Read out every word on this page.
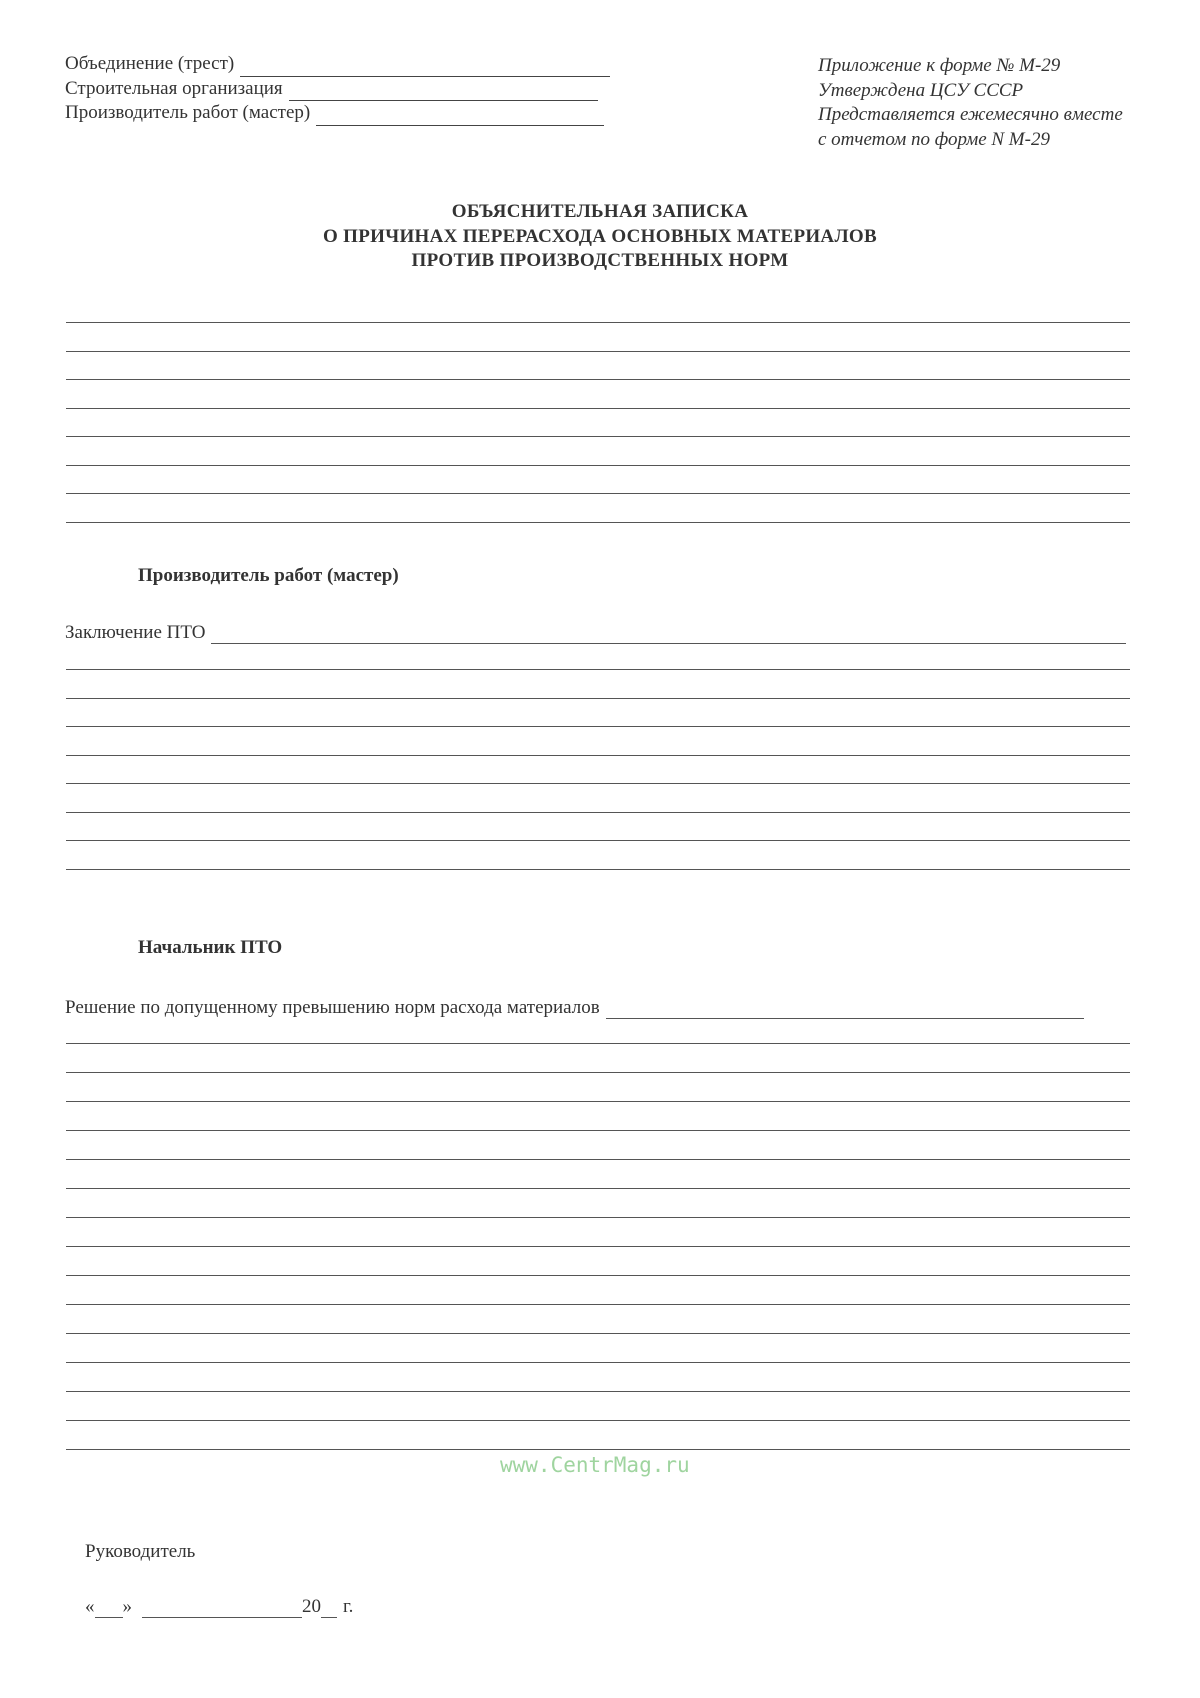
Объединение (трест)
Строительная организация
Производитель работ (мастер)
Приложение к форме № М-29
Утверждена ЦСУ СССР
Представляется ежемесячно вместе
с отчетом по форме N М-29
ОБЪЯСНИТЕЛЬНАЯ ЗАПИСКА
О ПРИЧИНАХ ПЕРЕРАСХОДА ОСНОВНЫХ МАТЕРИАЛОВ
ПРОТИВ ПРОИЗВОДСТВЕННЫХ НОРМ
Производитель работ (мастер)
Заключение ПТО
Начальник ПТО
Решение по допущенному превышению норм расхода материалов
www.CentrMag.ru
Руководитель
« »	20 г.
